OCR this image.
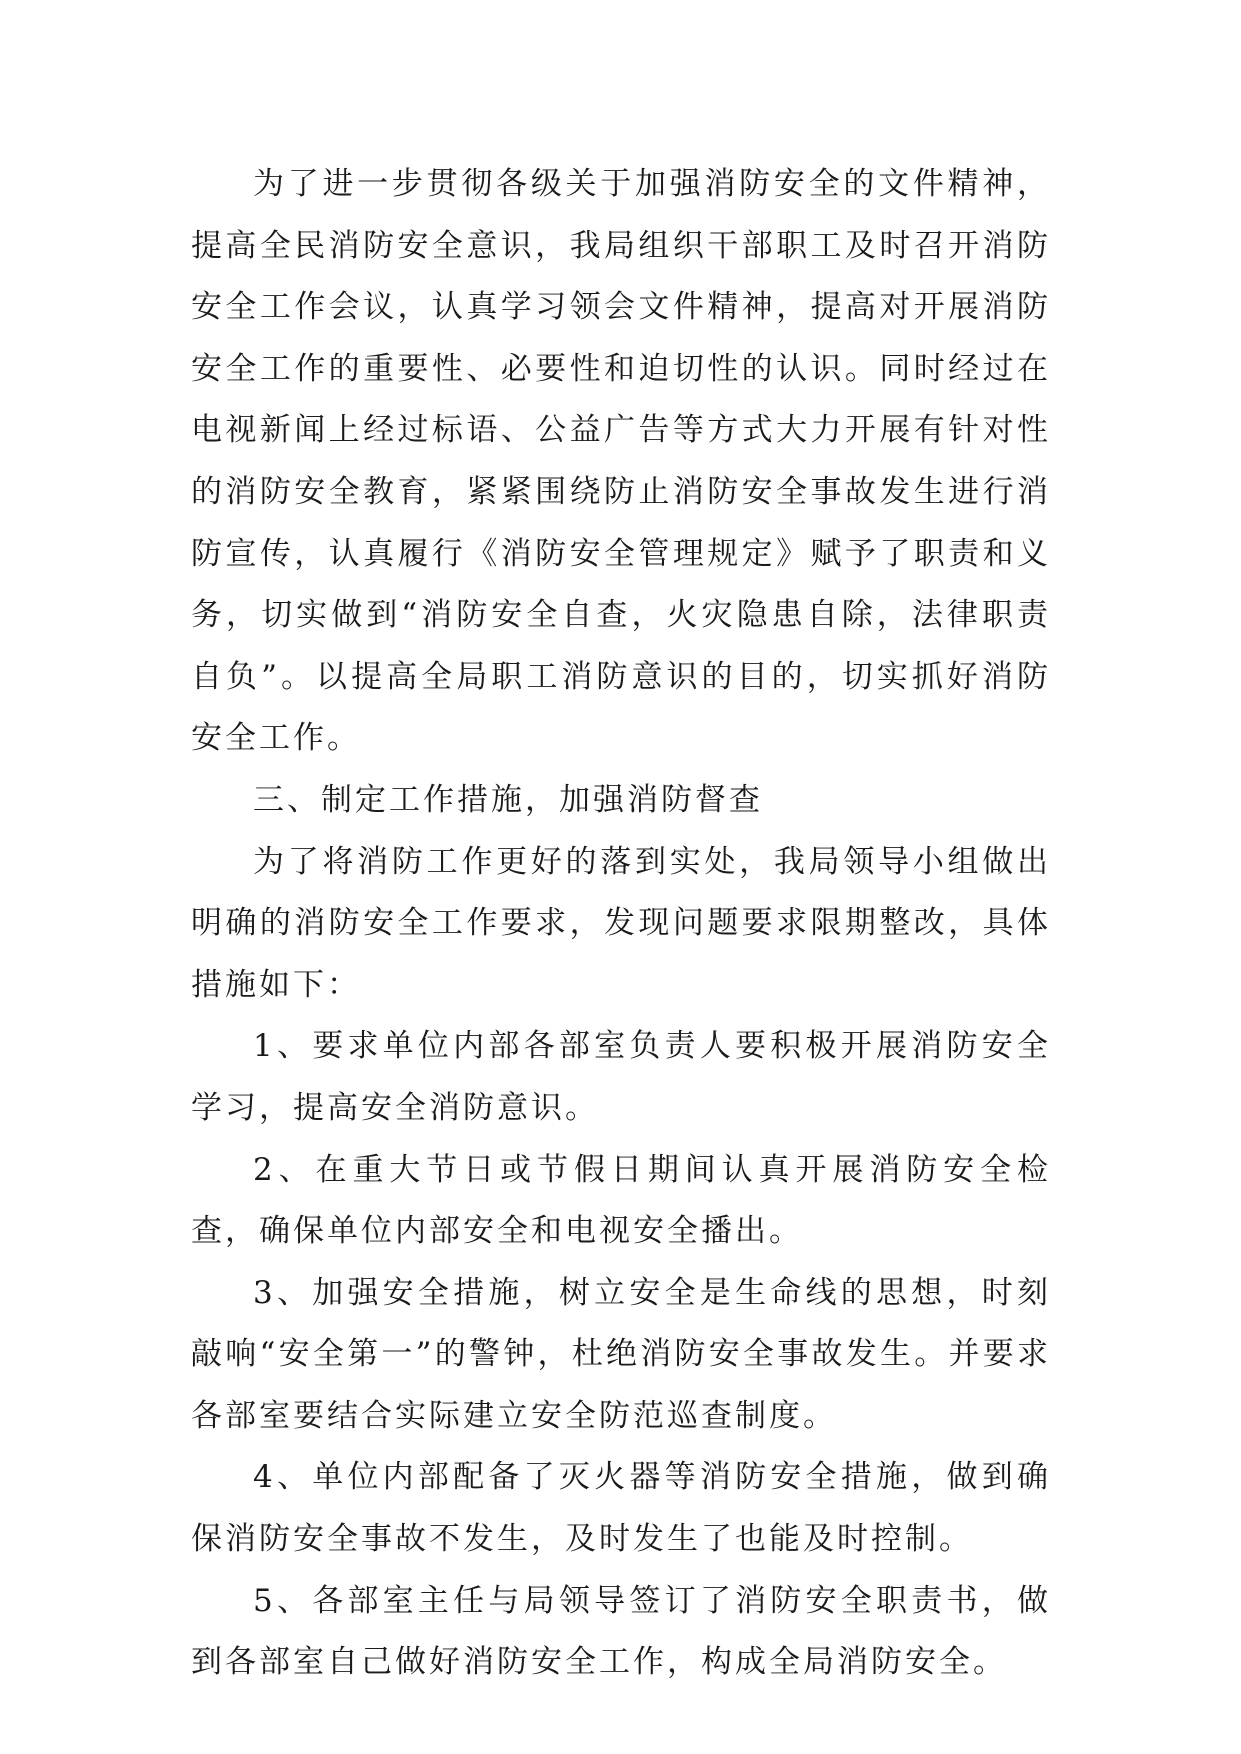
为了进一步贯彻各级关于加强消防安全的文件精神，提高全民消防安全意识，我局组织干部职工及时召开消防安全工作会议，认真学习领会文件精神，提高对开展消防安全工作的重要性、必要性和迫切性的认识。同时经过在电视新闻上经过标语、公益广告等方式大力开展有针对性的消防安全教育，紧紧围绕防止消防安全事故发生进行消防宣传，认真履行《消防安全管理规定》赋予了职责和义务，切实做到“消防安全自查，火灾隐患自除，法律职责自负”。以提高全局职工消防意识的目的，切实抓好消防安全工作。

三、制定工作措施，加强消防督查

为了将消防工作更好的落到实处，我局领导小组做出明确的消防安全工作要求，发现问题要求限期整改，具体措施如下：

1、要求单位内部各部室负责人要积极开展消防安全学习，提高安全消防意识。

2、在重大节日或节假日期间认真开展消防安全检查，确保单位内部安全和电视安全播出。

3、加强安全措施，树立安全是生命线的思想，时刻敲响“安全第一”的警钟，杜绝消防安全事故发生。并要求各部室要结合实际建立安全防范巡查制度。

4、单位内部配备了灭火器等消防安全措施，做到确保消防安全事故不发生，及时发生了也能及时控制。

5、各部室主任与局领导签订了消防安全职责书，做到各部室自己做好消防安全工作，构成全局消防安全。
